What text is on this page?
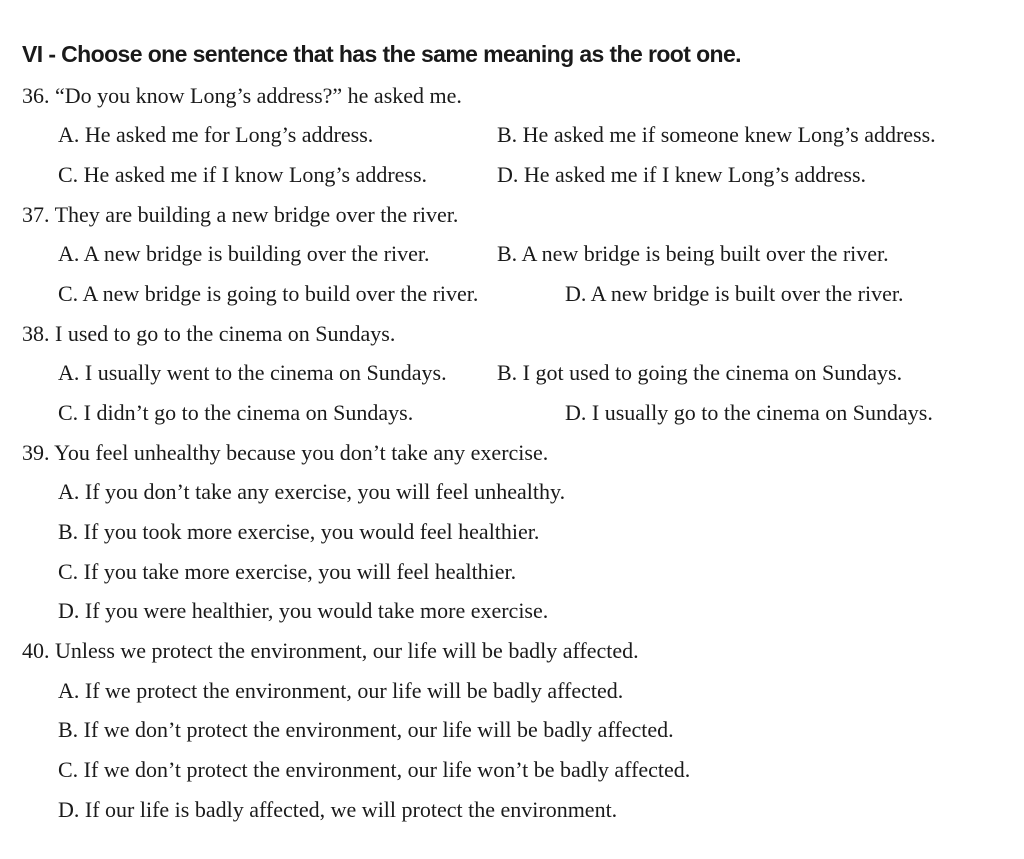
VI - Choose one sentence that has the same meaning as the root one.
36. “Do you know Long’s address?” he asked me.
A. He asked me for Long’s address.	B. He asked me if someone knew Long’s address.
C. He asked me if I know Long’s address.	D. He asked me if I knew Long’s address.
37. They are building a new bridge over the river.
A. A new bridge is building over the river.	B. A new bridge is being built over the river.
C. A new bridge is going to build over the river.	D. A new bridge is built over the river.
38. I used to go to the cinema on Sundays.
A. I usually went to the cinema on Sundays. B. I got used to going the cinema on Sundays.
C. I didn’t go to the cinema on Sundays.	D. I usually go to the cinema on Sundays.
39. You feel unhealthy because you don’t take any exercise.
A. If you don’t take any exercise, you will feel unhealthy.
B. If you took more exercise, you would feel healthier.
C. If you take more exercise, you will feel healthier.
D. If you were healthier, you would take more exercise.
40. Unless we protect the environment, our life will be badly affected.
A. If we protect the environment, our life will be badly affected.
B. If we don’t protect the environment, our life will be badly affected.
C. If we don’t protect the environment, our life won’t be badly affected.
D. If our life is badly affected, we will protect the environment.
